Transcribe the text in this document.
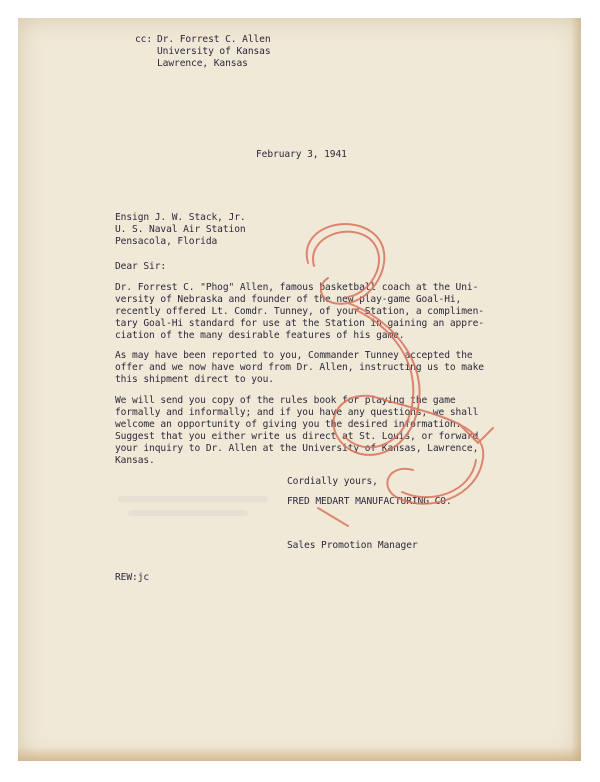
cc: Dr. Forrest C. Allen
University of Kansas
Lawrence, Kansas
February 3, 1941
Ensign J. W. Stack, Jr.
U. S. Naval Air Station
Pensacola, Florida
Dear Sir:
Dr. Forrest C. "Phog" Allen, famous basketball coach at the Uni-
versity of Nebraska and founder of the new play-game Goal-Hi,
recently offered Lt. Comdr. Tunney, of your Station, a complimen-
tary Goal-Hi standard for use at the Station in gaining an appre-
ciation of the many desirable features of his game.
As may have been reported to you, Commander Tunney accepted the
offer and we now have word from Dr. Allen, instructing us to make
this shipment direct to you.
We will send you copy of the rules book for playing the game
formally and informally; and if you have any questions, we shall
welcome an opportunity of giving you the desired information.
Suggest that you either write us direct at St. Louis, or forward
your inquiry to Dr. Allen at the University of Kansas, Lawrence,
Kansas.
Cordially yours,
FRED MEDART MANUFACTURING CO.
Sales Promotion Manager
REW:jc
